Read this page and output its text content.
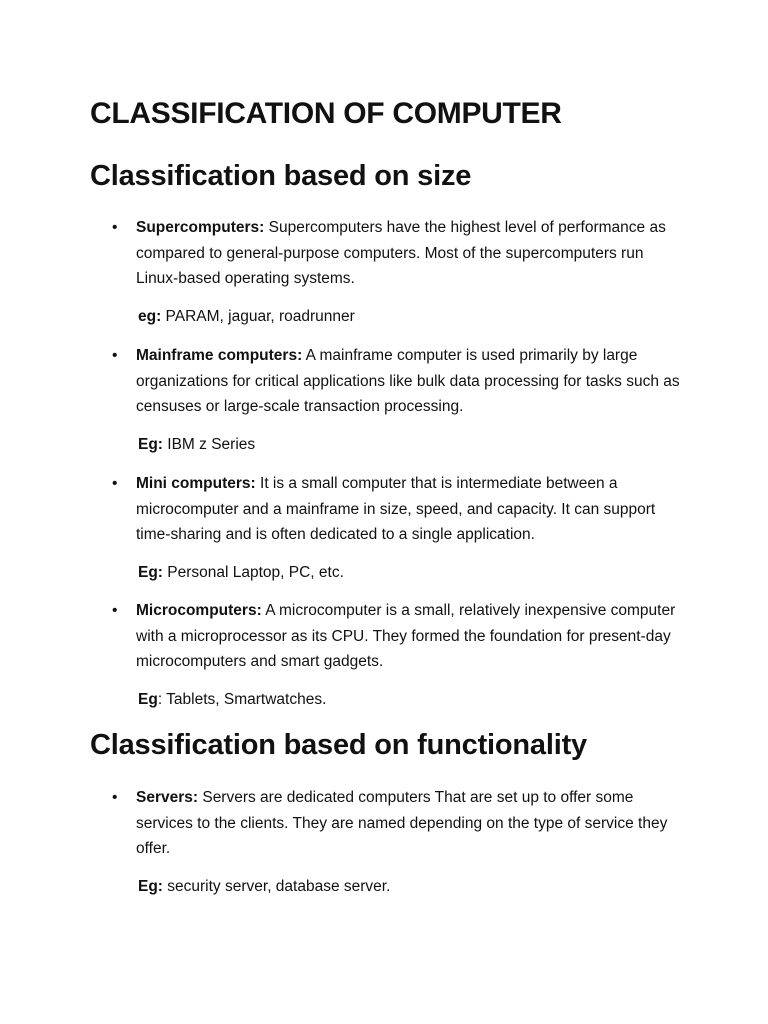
CLASSIFICATION OF COMPUTER
Classification based on size
• Supercomputers: Supercomputers have the highest level of performance as compared to general-purpose computers. Most of the supercomputers run Linux-based operating systems.
eg: PARAM, jaguar, roadrunner
• Mainframe computers: A mainframe computer is used primarily by large organizations for critical applications like bulk data processing for tasks such as censuses or large-scale transaction processing.
Eg: IBM z Series
• Mini computers: It is a small computer that is intermediate between a microcomputer and a mainframe in size, speed, and capacity. It can support time-sharing and is often dedicated to a single application.
Eg: Personal Laptop, PC, etc.
• Microcomputers: A microcomputer is a small, relatively inexpensive computer with a microprocessor as its CPU. They formed the foundation for present-day microcomputers and smart gadgets.
Eg: Tablets, Smartwatches.
Classification based on functionality
• Servers: Servers are dedicated computers That are set up to offer some services to the clients. They are named depending on the type of service they offer.
Eg: security server, database server.
